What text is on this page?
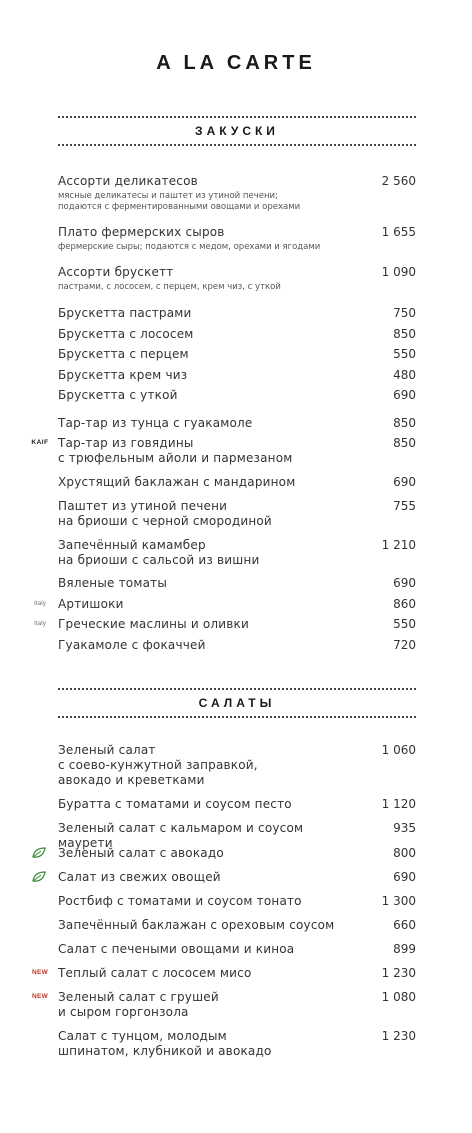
A LA CARTE
ЗАКУСКИ
Ассорти деликатесов
мясные деликатесы и паштет из утиной печени;
подаются с ферментированными овощами и орехами
2 560
Плато фермерских сыров
фермерские сыры; подаются с медом, орехами и ягодами
1 655
Ассорти брускетт
пастрами, с лососем, с перцем, крем чиз, с уткой
1 090
Брускетта пастрами	750
Брускетта с лососем	850
Брускетта с перцем	550
Брускетта крем чиз	480
Брускетта с уткой	690
Тар-тар из тунца с гуакамоле	850
KAIF Тар-тар из говядины
с трюфельным айоли и пармезаном
850
Хрустящий баклажан с мандарином	690
Паштет из утиной печени
на бриоши с черной смородиной
755
Запечённый камамбер
на бриоши с сальсой из вишни
1 210
Вяленые томаты	690
Italy	Артишоки	860
Italy	Греческие маслины и оливки	550
Гуакамоле с фокаччей	720
САЛАТЫ
Зеленый салат
с соево-кунжутной заправкой,
авокадо и креветками
1 060
Буратта с томатами и соусом песто	1 120
Зеленый салат с кальмаром и соусом маурети
935
Зеленый салат с авокадо	800
Салат из свежих овощей	690
Ростбиф с томатами и соусом тонато	1 300
Запечённый баклажан с ореховым соусом	660
Салат с печеными овощами и киноа	899
NEW Теплый салат с лососем мисо	1 230
NEW Зеленый салат с грушей
и сыром горгонзола
1 080
Салат с тунцом, молодым
шпинатом, клубникой и авокадо
1 230
